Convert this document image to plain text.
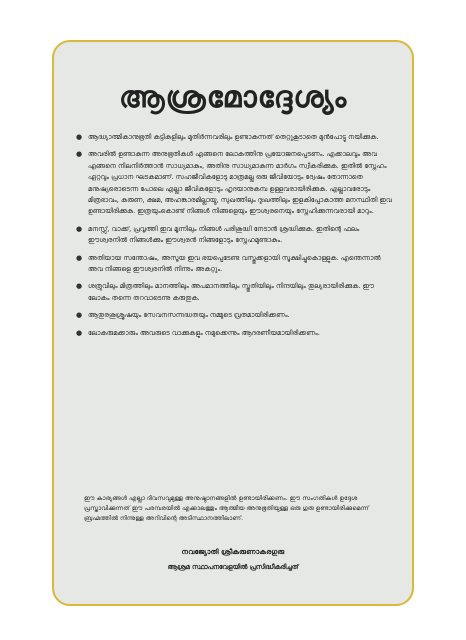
ആശ്രമോദ്ദേശ്യം
● ആദ്ധ്യാത്മികാനുഭൂതി കുട്ടികളിലും മുതിർന്നവരിലും ഉണ്ടാകുന്നത് തെറ്റുകൂടാതെ മുൻപോട്ടു നയിക്കുക.
● അവരിൽ ഉണ്ടാകുന്ന അനുഭൂതികൾ എങ്ങനെ ലോകത്തിനു പ്രയോജനപ്പെടണം. എക്കാലവും അവ എങ്ങനെ നിലനിർത്താൻ സാധ്യമാകും, അതിനു സാധ്യമാകുന്ന മാർഗം സ്വീകരിക്കുക. ഇതിൽ സ്നേഹം ഏറ്റവും പ്രധാന ഘടകമാണ്. സഹജീവികളോടു മാത്രമല്ല ഒരു ജീവിയോടും ദ്വേഷം തോന്നാതെ മനുഷ്യരൊടെന്ന പോലെ എല്ലാ ജീവികളോടും ഹൃദയാനുകമ്പ ഉള്ളവരായിരിക്കുക. എല്ലാവരോടും മിത്രഭാവം, കരുണ, ക്ഷമ, അഹങ്കാരമില്ലായ്മ, സുഖത്തിലും ദുഃഖത്തിലും ഇളകിപ്പോകാത്ത മനസ്ഥിതി ഇവ ഉണ്ടായിരിക്കുക. ഇത്രയുംകൊണ്ട് നിങ്ങൾ നിങ്ങളെയും ഈശ്വരനെയും സ്നേഹിക്കുന്നവരായി മാറും.
● മനസ്സ്, വാക്ക്, പ്രവൃത്തി ഇവ മൂന്നിലും നിങ്ങൾ പരിശുദ്ധി നേടാൻ ശ്രദ്ധിക്കുക. ഇതിന്റെ ഫലം ഈശ്വരനിൽ നിങ്ങൾക്കും ഈശ്വരൻ നിങ്ങളോടും സ്നേഹമുണ്ടാകും.
● അതിയായ സന്തോഷം, അസൂയ ഇവ ഭയപ്പെടേണ്ട വസ്തുക്കളായി സൂക്ഷിച്ചുകൊള്ളുക. എന്തെന്നാൽ അവ നിങ്ങളെ ഈശ്വരനിൽ നിന്നും അകറ്റും.
● ശത്രുവിലും മിത്രത്തിലും മാനത്തിലും അപമാനത്തിലും സ്തുതിയിലും നിന്ദയിലും തുല്യരായിരിക്കുക. ഈ ലോകം തന്നെ തറവാടെന്നു കരുതുക.
● ആതുരശുശ്രൂഷയും സേവനസന്നദ്ധതയും നമ്മുടെ വ്രതമായിരിക്കണം.
● ലോകരുമക്കാരും അവരുടെ വാക്കുകളും നമുക്കെന്നും ആദരണീയമായിരിക്കണം.
ഈ കാര്യങ്ങൾ എല്ലാ ദിവസവുമുള്ള അനുഷ്ഠാനങ്ങളിൽ ഉണ്ടായിരിക്കണം. ഈ സംഗതികൾ ഉദ്ദേശ പ്രസ്താവിക്കുന്നത് ഈ പരമ്പരയിൽ എക്കാലത്തും ആത്മീയ അനുഭൂതിയുള്ള ഒരു ഗുരു ഉണ്ടായിരിക്കുമെന്ന് ബ്രഹ്മത്തിൽ നിന്നുള്ള അറിവിന്റെ അടിസ്ഥാനത്തിലാണ്.
നവജ്യോതി ശ്രീകരുണാകരഗുരു
ആശ്രമ സ്ഥാപനവേളയിൽ പ്രസിദ്ധീകരിച്ചത്
